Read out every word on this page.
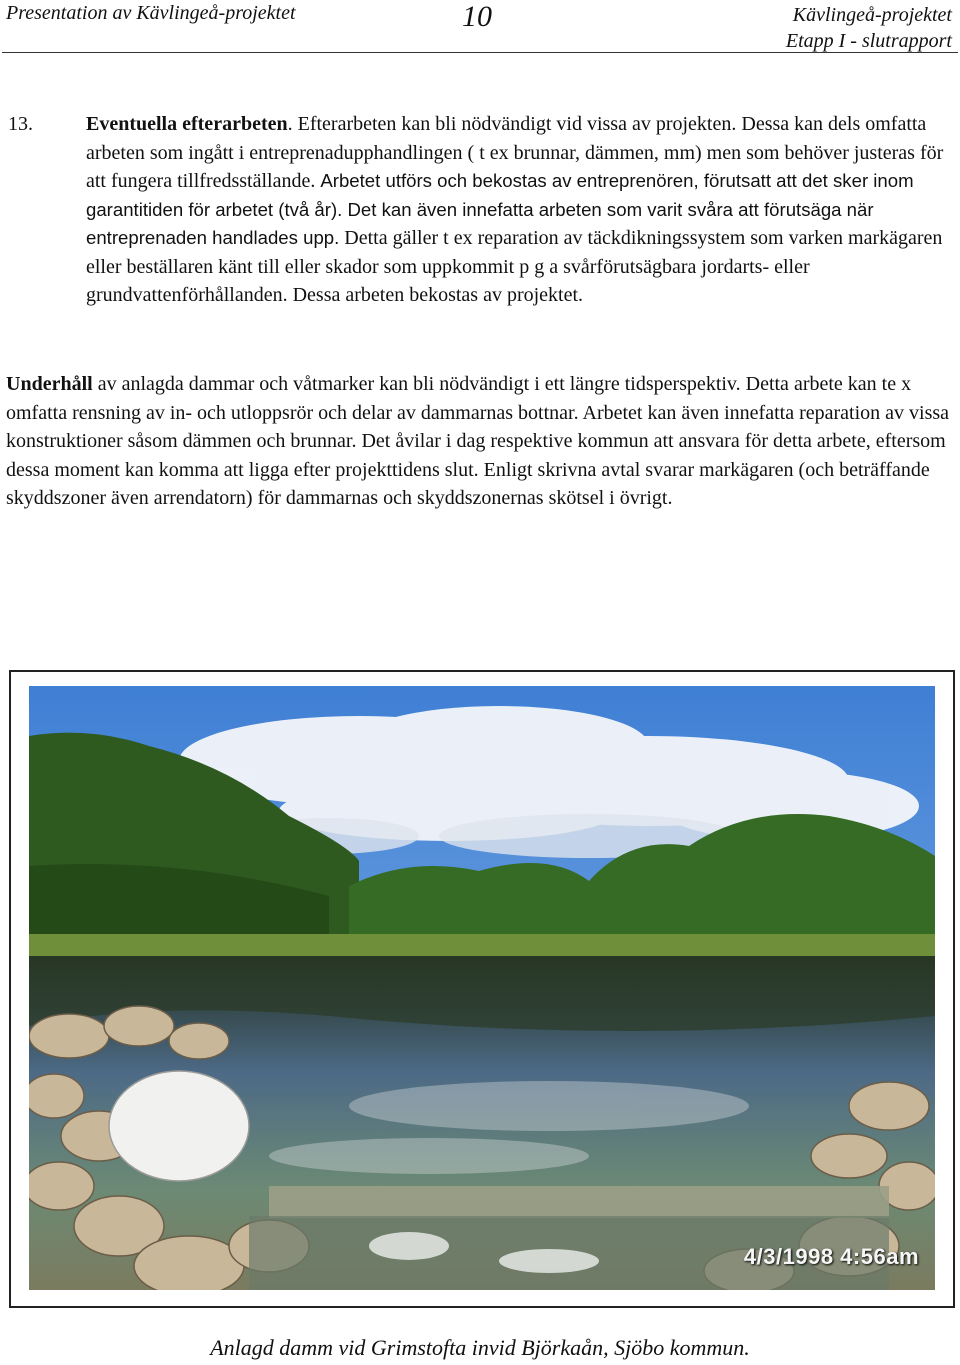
Presentation av Kävlingeå-projektet	10	Kävlingeå-projektet
Etapp I - slutrapport
13.	Eventuella efterarbeten. Efterarbeten kan bli nödvändigt vid vissa av projekten. Dessa kan dels omfatta arbeten som ingått i entreprenadupphandlingen ( t ex brunnar, dämmen, mm) men som behöver justeras för att fungera tillfredsställande. Arbetet utförs och bekostas av entreprenören, förutsatt att det sker inom garantitiden för arbetet (två år). Det kan även innefatta arbeten som varit svåra att förutsäga när entreprenaden handlades upp. Detta gäller t ex reparation av täckdikningssystem som varken markägaren eller beställaren känt till eller skador som uppkommit p g a svårförutsägbara jordarts- eller grundvattenförhållanden. Dessa arbeten bekostas av projektet.
Underhåll av anlagda dammar och våtmarker kan bli nödvändigt i ett längre tidsperspektiv. Detta arbete kan te x omfatta rensning av in- och utloppsrör och delar av dammarnas bottnar. Arbetet kan även innefatta reparation av vissa konstruktioner såsom dämmen och brunnar. Det åvilar i dag respektive kommun att ansvara för detta arbete, eftersom dessa moment kan komma att ligga efter projekttidens slut. Enligt skrivna avtal svarar markägaren (och beträffande skyddszoner även arrendatorn) för dammarnas och skyddszonernas skötsel i övrigt.
4/3/1998 4:56am
Anlagd damm vid Grimstofta invid Björkaån, Sjöbo kommun.
